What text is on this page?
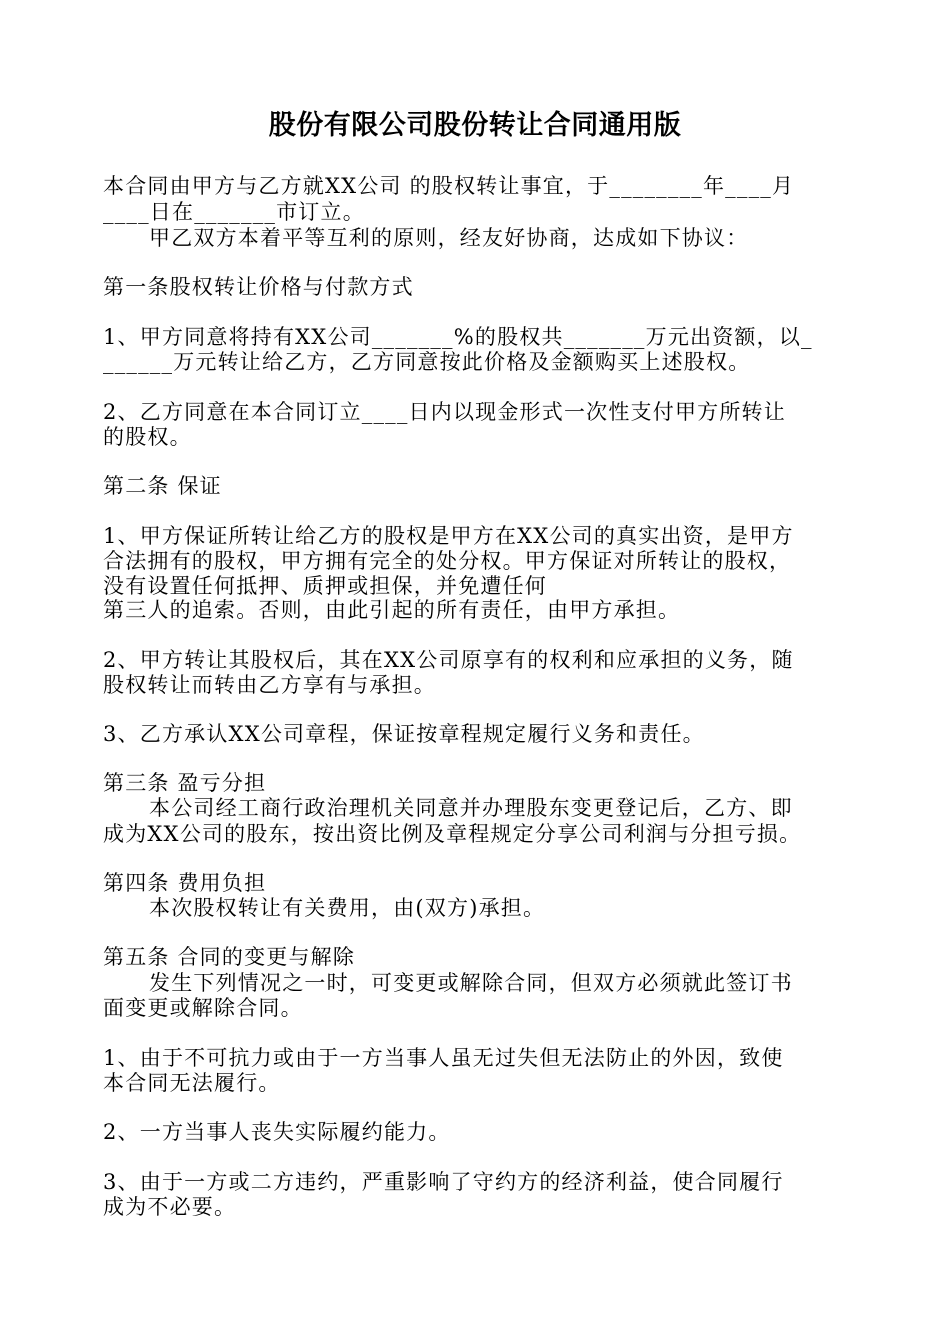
股份有限公司股份转让合同通用版
本合同由甲方与乙方就XX公司 的股权转让事宜，于________年____月
____日在_______市订立。
甲乙双方本着平等互利的原则，经友好协商，达成如下协议：
第一条股权转让价格与付款方式
1、甲方同意将持有XX公司_______%的股权共_______万元出资额，以_
______万元转让给乙方，乙方同意按此价格及金额购买上述股权。
2、乙方同意在本合同订立____日内以现金形式一次性支付甲方所转让
的股权。
第二条 保证
1、甲方保证所转让给乙方的股权是甲方在XX公司的真实出资，是甲方
合法拥有的股权，甲方拥有完全的处分权。甲方保证对所转让的股权，
没有设置任何抵押、质押或担保，并免遭任何
第三人的追索。否则，由此引起的所有责任，由甲方承担。
2、甲方转让其股权后，其在XX公司原享有的权利和应承担的义务，随
股权转让而转由乙方享有与承担。
3、乙方承认XX公司章程，保证按章程规定履行义务和责任。
第三条 盈亏分担
本公司经工商行政治理机关同意并办理股东变更登记后，乙方、即
成为XX公司的股东，按出资比例及章程规定分享公司利润与分担亏损。
第四条 费用负担
本次股权转让有关费用，由(双方)承担。
第五条 合同的变更与解除
发生下列情况之一时，可变更或解除合同，但双方必须就此签订书
面变更或解除合同。
1、由于不可抗力或由于一方当事人虽无过失但无法防止的外因，致使
本合同无法履行。
2、一方当事人丧失实际履约能力。
3、由于一方或二方违约，严重影响了守约方的经济利益，使合同履行
成为不必要。
